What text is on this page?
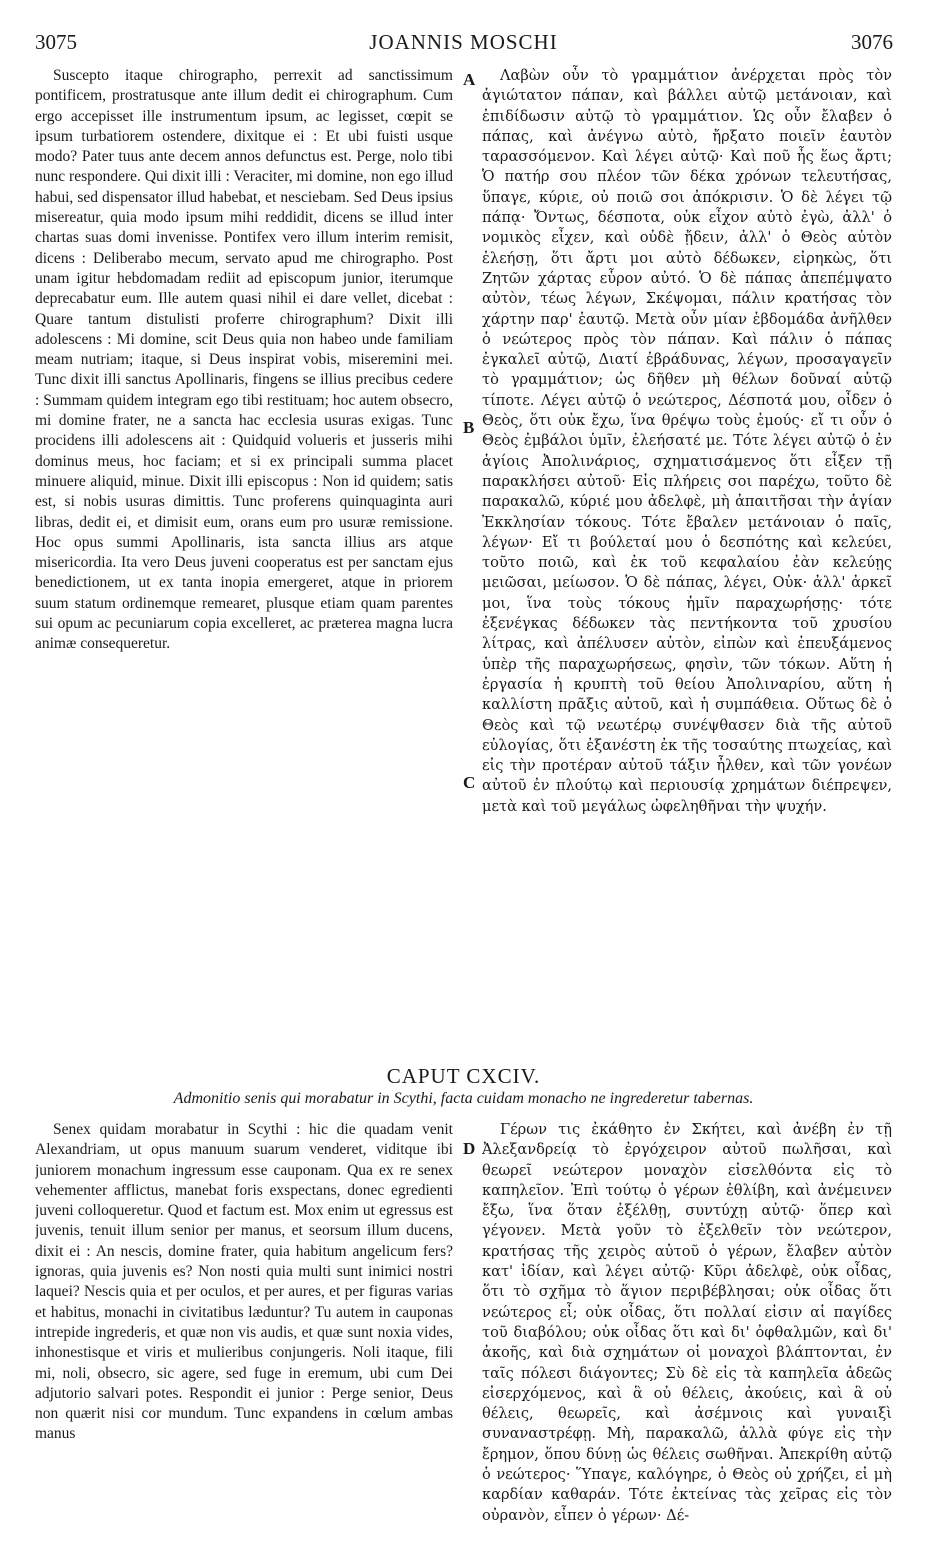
3075	JOANNIS MOSCHI	3076

Suscepto itaque chirographo, perrexit ad sanctissimum pontificem, prostratusque ante illum dedit ei chirographum. Cum ergo accepisset ille instrumentum ipsum, ac legisset, cœpit se ipsum turbatiorem ostendere, dixitque ei : Et ubi fuisti usque modo? Pater tuus ante decem annos defunctus est. Perge, nolo tibi nunc respondere. Qui dixit illi : Veraciter, mi domine, non ego illud habui, sed dispensator illud habebat, et nesciebam. Sed Deus ipsius misereatur, quia modo ipsum mihi reddidit, dicens se illud inter chartas suas domi invenisse. Pontifex vero illum interim remisit, dicens : Deliberabo mecum, servato apud me chirographo. Post unam igitur hebdomadam rediit ad episcopum junior, iterumque deprecabatur eum. Ille autem quasi nihil ei dare vellet, dicebat : Quare tantum distulisti proferre chirographum? Dixit illi adolescens : Mi domine, scit Deus quia non habeo unde familiam meam nutriam; itaque, si Deus inspirat vobis, miseremini mei. Tunc dixit illi sanctus Apollinaris, fingens se illius precibus cedere : Summam quidem integram ego tibi restituam; hoc autem obsecro, mi domine frater, ne a sancta hac ecclesia usuras exigas. Tunc procidens illi adolescens ait : Quidquid volueris et jusseris mihi dominus meus, hoc faciam; et si ex principali summa placet minuere aliquid, minue. Dixit illi episcopus : Non id quidem; satis est, si nobis usuras dimittis. Tunc proferens quinquaginta auri libras, dedit ei, et dimisit eum, orans eum pro usuræ remissione. Hoc opus summi Apollinaris, ista sancta illius ars atque misericordia. Ita vero Deus juveni cooperatus est per sanctam ejus benedictionem, ut ex tanta inopia emergeret, atque in priorem suum statum ordinemque remearet, plusque etiam quam parentes sui opum ac pecuniarum copia excelleret, ac præterea magna lucra animæ consequeretur.

Λαβὼν οὖν τὸ γραμμάτιον ἀνέρχεται πρὸς τὸν ἁγιώτατον πάπαν, καὶ βάλλει αὐτῷ μετάνοιαν, καὶ ἐπιδίδωσιν αὐτῷ τὸ γραμμάτιον. Ὡς οὖν ἔλαβεν ὁ πάπας, καὶ ἀνέγνω αὐτὸ, ἤρξατο ποιεῖν ἑαυτὸν ταρασσόμενον. Καὶ λέγει αὐτῷ· Καὶ ποῦ ἦς ἕως ἄρτι; Ὁ πατήρ σου πλέον τῶν δέκα χρόνων τελευτήσας, ὕπαγε, κύριε, οὐ ποιῶ σοι ἀπόκρισιν. Ὁ δὲ λέγει τῷ πάπᾳ· Ὄντως, δέσποτα, οὐκ εἶχον αὐτὸ ἐγὼ, ἀλλ' ὁ νομικὸς εἶχεν, καὶ οὐδὲ ᾔδειν, ἀλλ' ὁ Θεὸς αὐτὸν ἐλεήσῃ, ὅτι ἄρτι μοι αὐτὸ δέδωκεν, εἰρηκὼς, ὅτι Ζητῶν χάρτας εὗρον αὐτό. Ὁ δὲ πάπας ἀπεπέμψατο αὐτὸν, τέως λέγων, Σκέψομαι, πάλιν κρατήσας τὸν χάρτην παρ' ἑαυτῷ. Μετὰ οὖν μίαν ἑβδομάδα ἀνῆλθεν ὁ νεώτερος πρὸς τὸν πάπαν. Καὶ πάλιν ὁ πάπας ἐγκαλεῖ αὐτῷ, Διατί ἐβράδυνας, λέγων, προσαγαγεῖν τὸ γραμμάτιον; ὡς δῆθεν μὴ θέλων δοῦναί αὐτῷ τίποτε. Λέγει αὐτῷ ὁ νεώτερος, Δέσποτά μου, οἶδεν ὁ Θεὸς, ὅτι οὐκ ἔχω, ἵνα θρέψω τοὺς ἐμούς· εἴ τι οὖν ὁ Θεὸς ἐμβάλοι ὑμῖν, ἐλεήσατέ με. Τότε λέγει αὐτῷ ὁ ἐν ἁγίοις Ἀπολινάριος, σχηματισάμενος ὅτι εἶξεν τῇ παρακλήσει αὐτοῦ· Εἰς πλήρεις σοι παρέχω, τοῦτο δὲ παρακαλῶ, κύριέ μου ἀδελφὲ, μὴ ἀπαιτῆσαι τὴν ἁγίαν Ἐκκλησίαν τόκους. Τότε ἔβαλεν μετάνοιαν ὁ παῖς, λέγων· Εἴ τι βούλεταί μου ὁ δεσπότης καὶ κελεύει, τοῦτο ποιῶ, καὶ ἐκ τοῦ κεφαλαίου ἐὰν κελεύῃς μειῶσαι, μείωσον. Ὁ δὲ πάπας, λέγει, Οὐκ· ἀλλ' ἀρκεῖ μοι, ἵνα τοὺς τόκους ἡμῖν παραχωρήσῃς· τότε ἐξενέγκας δέδωκεν τὰς πεντήκοντα τοῦ χρυσίου λίτρας, καὶ ἀπέλυσεν αὐτὸν, εἰπὼν καὶ ἐπευξάμενος ὑπὲρ τῆς παραχωρήσεως, φησὶν, τῶν τόκων. Αὕτη ἡ ἐργασία ἡ κρυπτὴ τοῦ θείου Ἀπολιναρίου, αὕτη ἡ καλλίστη πρᾶξις αὐτοῦ, καὶ ἡ συμπάθεια. Οὕτως δὲ ὁ Θεὸς καὶ τῷ νεωτέρῳ συνέψθασεν διὰ τῆς αὐτοῦ εὐλογίας, ὅτι ἐξανέστη ἐκ τῆς τοσαύτης πτωχείας, καὶ εἰς τὴν προτέραν αὐτοῦ τάξιν ἦλθεν, καὶ τῶν γονέων αὐτοῦ ἐν πλούτῳ καὶ περιουσίᾳ χρημάτων διέπρεψεν, μετὰ καὶ τοῦ μεγάλως ὠφεληθῆναι τὴν ψυχήν.

A
B
C
D
CAPUT CXCIV.
Admonitio senis qui morabatur in Scythi, facta cuidam monacho ne ingrederetur tabernas.

Senex quidam morabatur in Scythi : hic die quadam venit Alexandriam, ut opus manuum suarum venderet, viditque ibi juniorem monachum ingressum esse cauponam. Qua ex re senex vehementer afflictus, manebat foris exspectans, donec egredienti juveni colloqueretur. Quod et factum est. Mox enim ut egressus est juvenis, tenuit illum senior per manus, et seorsum illum ducens, dixit ei : An nescis, domine frater, quia habitum angelicum fers? ignoras, quia juvenis es? Non nosti quia multi sunt inimici nostri laquei? Nescis quia et per oculos, et per aures, et per figuras varias et habitus, monachi in civitatibus læduntur? Tu autem in cauponas intrepide ingrederis, et quæ non vis audis, et quæ sunt noxia vides, inhonestisque et viris et mulieribus conjungeris. Noli itaque, fili mi, noli, obsecro, sic agere, sed fuge in eremum, ubi cum Dei adjutorio salvari potes. Respondit ei junior : Perge senior, Deus non quærit nisi cor mundum. Tunc expandens in cœlum ambas manus

Γέρων τις ἐκάθητο ἐν Σκήτει, καὶ ἀνέβη ἐν τῇ Ἀλεξανδρείᾳ τὸ ἐργόχειρον αὐτοῦ πωλῆσαι, καὶ θεωρεῖ νεώτερον μοναχὸν εἰσελθόντα εἰς τὸ καπηλεῖον. Ἐπὶ τούτῳ ὁ γέρων ἐθλίβη, καὶ ἀνέμεινεν ἔξω, ἵνα ὅταν ἐξέλθῃ, συντύχῃ αὐτῷ· ὅπερ καὶ γέγονεν. Μετὰ γοῦν τὸ ἐξελθεῖν τὸν νεώτερον, κρατήσας τῆς χειρὸς αὐτοῦ ὁ γέρων, ἔλαβεν αὐτὸν κατ' ἰδίαν, καὶ λέγει αὐτῷ· Κῦρι ἀδελφὲ, οὐκ οἶδας, ὅτι τὸ σχῆμα τὸ ἅγιον περιβέβλησαι; οὐκ οἶδας ὅτι νεώτερος εἶ; οὐκ οἶδας, ὅτι πολλαί εἰσιν αἱ παγίδες τοῦ διαβόλου; οὐκ οἶδας ὅτι καὶ δι' ὀφθαλμῶν, καὶ δι' ἀκοῆς, καὶ διὰ σχημάτων οἱ μοναχοὶ βλάπτονται, ἐν ταῖς πόλεσι διάγοντες; Σὺ δὲ εἰς τὰ καπηλεῖα ἀδεῶς εἰσερχόμενος, καὶ ἃ οὐ θέλεις, ἀκούεις, καὶ ἃ οὐ θέλεις, θεωρεῖς, καὶ ἀσέμνοις καὶ γυναιξὶ συναναστρέφῃ. Μὴ, παρακαλῶ, ἀλλὰ φύγε εἰς τὴν ἔρημον, ὅπου δύνῃ ὡς θέλεις σωθῆναι. Ἀπεκρίθη αὐτῷ ὁ νεώτερος· Ὕπαγε, καλόγηρε, ὁ Θεὸς οὐ χρήζει, εἰ μὴ καρδίαν καθαράν. Τότε ἐκτείνας τὰς χεῖρας εἰς τὸν οὐρανὸν, εἶπεν ὁ γέρων· Δέ-
